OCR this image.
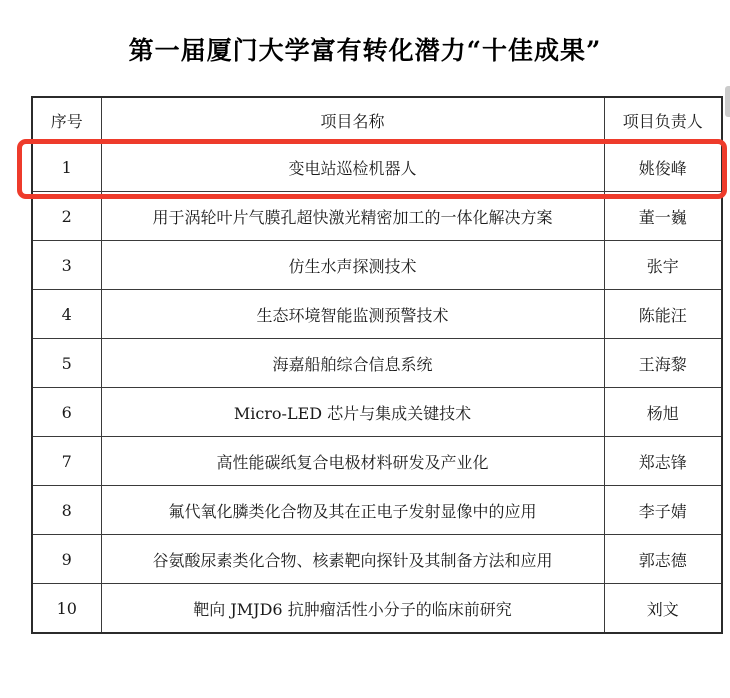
第一届厦门大学富有转化潜力“十佳成果”
序号	项目名称	项目负责人
1	变电站巡检机器人	姚俊峰
2	用于涡轮叶片气膜孔超快激光精密加工的一体化解决方案	董一巍
3	仿生水声探测技术	张宇
4	生态环境智能监测预警技术	陈能汪
5	海嘉船舶综合信息系统	王海黎
6	Micro-LED 芯片与集成关键技术	杨旭
7	高性能碳纸复合电极材料研发及产业化	郑志锋
8	氟代氧化膦类化合物及其在正电子发射显像中的应用	李子婧
9	谷氨酸尿素类化合物、核素靶向探针及其制备方法和应用	郭志德
10	靶向 JMJD6 抗肿瘤活性小分子的临床前研究	刘文
